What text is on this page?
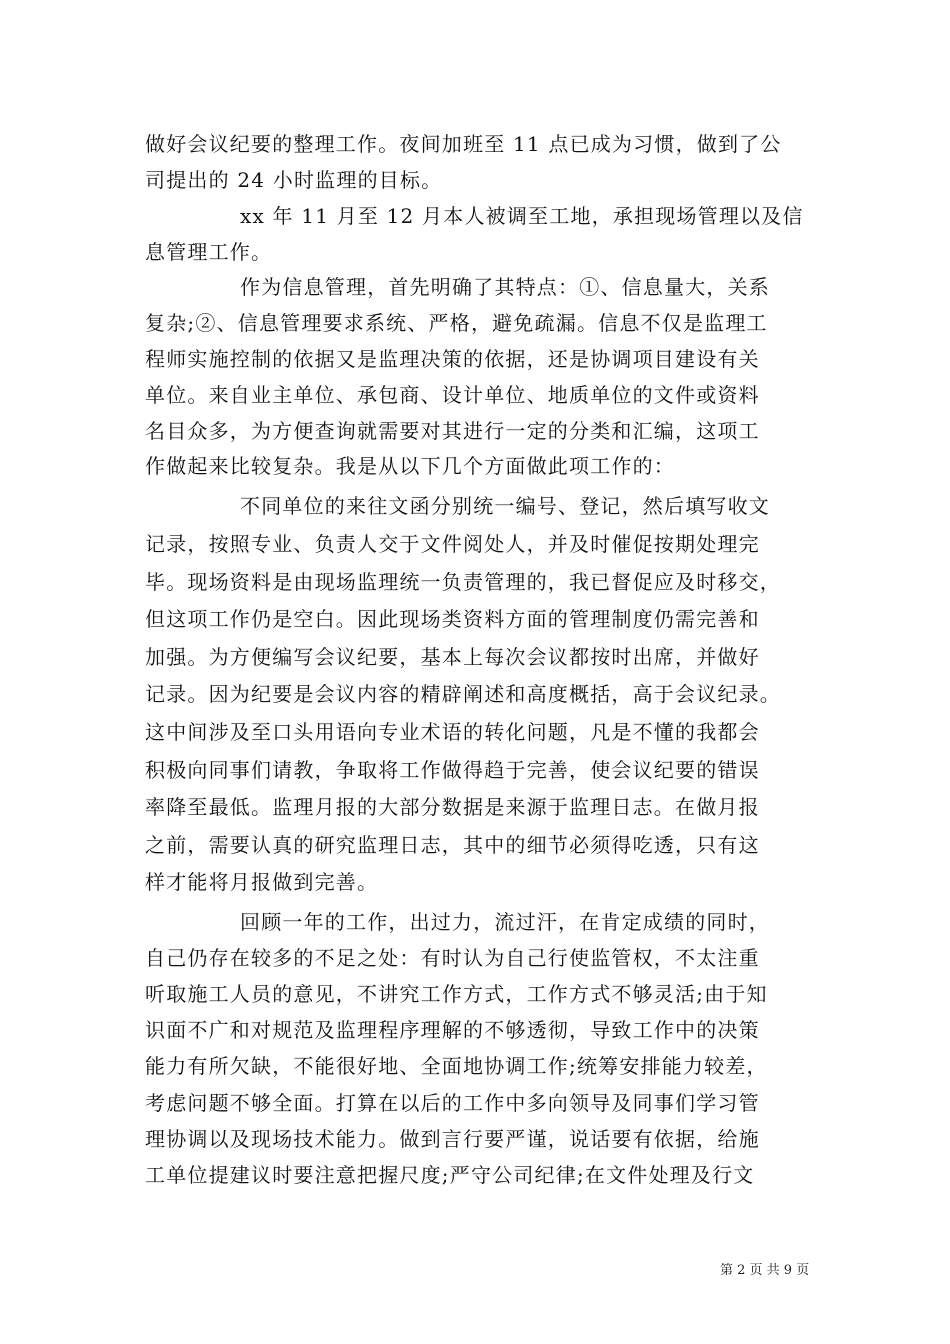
做好会议纪要的整理工作。夜间加班至 11 点已成为习惯，做到了公
司提出的 24 小时监理的目标。
xx 年 11 月至 12 月本人被调至工地，承担现场管理以及信
息管理工作。
作为信息管理，首先明确了其特点：①、信息量大，关系
复杂;②、信息管理要求系统、严格，避免疏漏。信息不仅是监理工
程师实施控制的依据又是监理决策的依据，还是协调项目建设有关
单位。来自业主单位、承包商、设计单位、地质单位的文件或资料
名目众多，为方便查询就需要对其进行一定的分类和汇编，这项工
作做起来比较复杂。我是从以下几个方面做此项工作的：
不同单位的来往文函分别统一编号、登记，然后填写收文
记录，按照专业、负责人交于文件阅处人，并及时催促按期处理完
毕。现场资料是由现场监理统一负责管理的，我已督促应及时移交，
但这项工作仍是空白。因此现场类资料方面的管理制度仍需完善和
加强。为方便编写会议纪要，基本上每次会议都按时出席，并做好
记录。因为纪要是会议内容的精辟阐述和高度概括，高于会议纪录。
这中间涉及至口头用语向专业术语的转化问题，凡是不懂的我都会
积极向同事们请教，争取将工作做得趋于完善，使会议纪要的错误
率降至最低。监理月报的大部分数据是来源于监理日志。在做月报
之前，需要认真的研究监理日志，其中的细节必须得吃透，只有这
样才能将月报做到完善。
回顾一年的工作，出过力，流过汗，在肯定成绩的同时，
自己仍存在较多的不足之处：有时认为自己行使监管权，不太注重
听取施工人员的意见，不讲究工作方式，工作方式不够灵活;由于知
识面不广和对规范及监理程序理解的不够透彻，导致工作中的决策
能力有所欠缺，不能很好地、全面地协调工作;统筹安排能力较差，
考虑问题不够全面。打算在以后的工作中多向领导及同事们学习管
理协调以及现场技术能力。做到言行要严谨，说话要有依据，给施
工单位提建议时要注意把握尺度;严守公司纪律;在文件处理及行文
第 2 页 共 9 页
